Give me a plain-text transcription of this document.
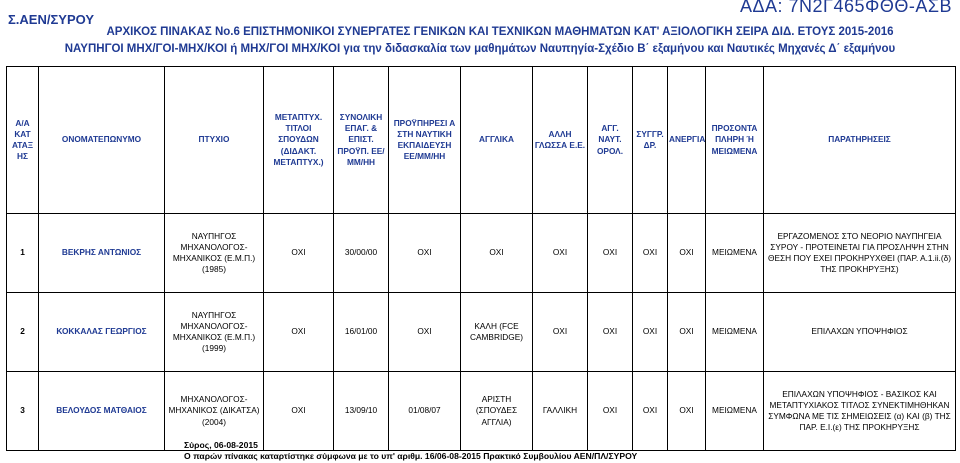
Σ.ΑΕΝ/ΣΥΡΟΥ
ΑΔΑ: 7Ν2Γ465ΦΘΘ-ΑΣΒ
ΑΡΧΙΚΟΣ ΠΙΝΑΚΑΣ Νο.6 ΕΠΙΣΤΗΜΟΝΙΚΟΙ ΣΥΝΕΡΓΑΤΕΣ ΓΕΝΙΚΩΝ ΚΑΙ ΤΕΧΝΙΚΩΝ ΜΑΘΗΜΑΤΩΝ ΚΑΤ' ΑΞΙΟΛΟΓΙΚΗ ΣΕΙΡΑ ΔΙΔ. ΕΤΟΥΣ 2015-2016
ΝΑΥΠΗΓΟΙ ΜΗΧ/ΓΟΙ-ΜΗΧ/ΚΟΙ ή ΜΗΧ/ΓΟΙ ΜΗΧ/ΚΟΙ για την διδασκαλία των μαθημάτων Ναυπηγία-Σχέδιο Β΄ εξαμήνου και Ναυτικές Μηχανές Δ΄ εξαμήνου
Α/Α ΚΑΤ ΑΤΑΞ ΗΣ	ΟΝΟΜΑΤΕΠΩΝΥΜΟ	ΠΤΥΧΙΟ	ΜΕΤΑΠΤΥΧ. ΤΙΤΛΟΙ ΣΠΟΥΔΩΝ (ΔΙΔΑΚΤ. ΜΕΤΑΠΤΥΧ.)	ΣΥΝΟΛΙΚΗ ΕΠΑΓ. & ΕΠΙΣΤ. ΠΡΟΫΠ. ΕΕ/ΜΜ/ΗΗ	ΠΡΟΫΠΗΡΕΣΙ Α ΣΤΗ ΝΑΥΤΙΚΗ ΕΚΠΑΙΔΕΥΣΗ ΕΕ/ΜΜ/ΗΗ	ΑΓΓΛΙΚΑ	ΑΛΛΗ ΓΛΩΣΣΑ Ε.Ε.	ΑΓΓ. ΝΑΥΤ. ΟΡΟΛ.	ΣΥΓΓΡ. ΔΡ.	ΑΝΕΡΓΙΑ	ΠΡΟΣΟΝΤΑ ΠΛΗΡΗ Ή ΜΕΙΩΜΕΝΑ	ΠΑΡΑΤΗΡΗΣΕΙΣ
1	ΒΕΚΡΗΣ ΑΝΤΩΝΙΟΣ	ΝΑΥΠΗΓΟΣ ΜΗΧΑΝΟΛΟΓΟΣ-ΜΗΧΑΝΙΚΟΣ (Ε.Μ.Π.) (1985)	ΟΧΙ	30/00/00	ΟΧΙ	ΟΧΙ	ΟΧΙ	ΟΧΙ	ΟΧΙ	ΟΧΙ	ΜΕΙΩΜΕΝΑ	ΕΡΓΑΖΟΜΕΝΟΣ ΣΤΟ ΝΕΟΡΙΟ ΝΑΥΠΗΓΕΙΑ ΣΥΡΟΥ - ΠΡΟΤΕΙΝΕΤΑΙ ΓΙΑ ΠΡΟΣΛΗΨΗ ΣΤΗΝ ΘΕΣΗ ΠΟΥ ΕΧΕΙ ΠΡΟΚΗΡΥΧΘΕΙ (ΠΑΡ. Α.1.ii.(δ) ΤΗΣ ΠΡΟΚΗΡΥΞΗΣ)
2	ΚΟΚΚΑΛΑΣ ΓΕΩΡΓΙΟΣ	ΝΑΥΠΗΓΟΣ ΜΗΧΑΝΟΛΟΓΟΣ-ΜΗΧΑΝΙΚΟΣ (Ε.Μ.Π.) (1999)	ΟΧΙ	16/01/00	ΟΧΙ	ΚΑΛΗ (FCE CAMBRIDGE)	ΟΧΙ	ΟΧΙ	ΟΧΙ	ΟΧΙ	ΜΕΙΩΜΕΝΑ	ΕΠΙΛΑΧΩΝ ΥΠΟΨΗΦΙΟΣ
3	ΒΕΛΟΥΔΟΣ ΜΑΤΘΑΙΟΣ	ΜΗΧΑΝΟΛΟΓΟΣ-ΜΗΧΑΝΙΚΟΣ (ΔΙΚΑΤΣΑ) (2004)	ΟΧΙ	13/09/10	01/08/07	ΑΡΙΣΤΗ (ΣΠΟΥΔΕΣ ΑΓΓΛΙΑ)	ΓΑΛΛΙΚΗ	ΟΧΙ	ΟΧΙ	ΟΧΙ	ΜΕΙΩΜΕΝΑ	ΕΠΙΛΑΧΩΝ ΥΠΟΨΗΦΙΟΣ - ΒΑΣΙΚΟΣ ΚΑΙ ΜΕΤΑΠΤΥΧΙΑΚΟΣ ΤΙΤΛΟΣ ΣΥΝΕΚΤΙΜΗΘΗΚΑΝ ΣΥΜΦΩΝΑ ΜΕ ΤΙΣ ΣΗΜΕΙΩΣΕΙΣ (α) ΚΑΙ (β) ΤΗΣ ΠΑΡ. Ε.Ι.(ε) ΤΗΣ ΠΡΟΚΗΡΥΞΗΣ
Σύρος, 06-08-2015
Ο παρών πίνακας καταρτίστηκε σύμφωνα με το υπ' αριθμ. 16/06-08-2015 Πρακτικό Συμβουλίου ΑΕΝ/ΠΛ/ΣΥΡΟΥ
